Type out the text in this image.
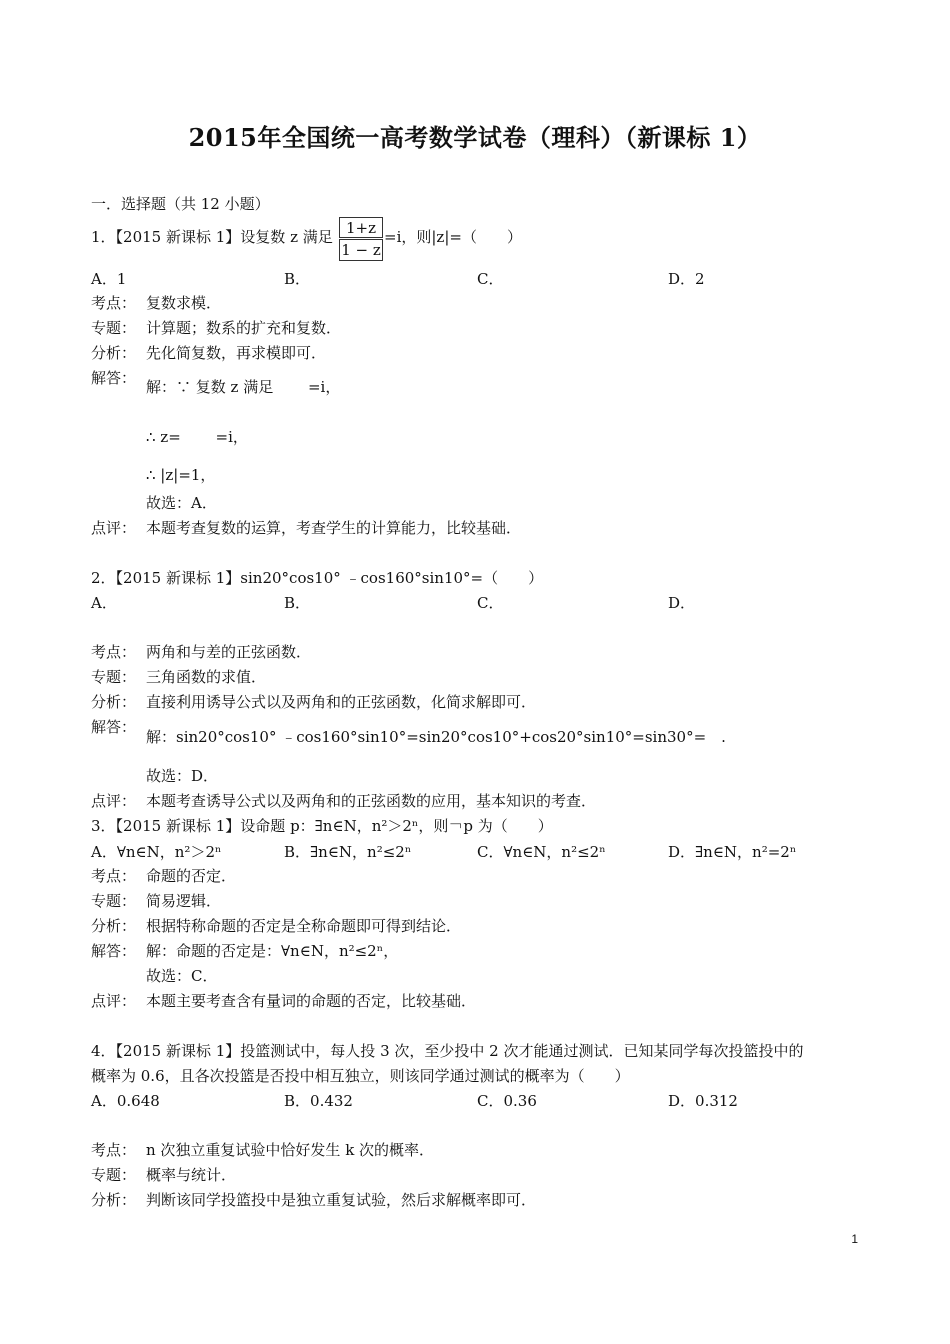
2015年全国统一高考数学试卷（理科）（新课标 1）
一．选择题（共 12 小题）
1．【2015 新课标 1】设复数 z 满足 $\frac{1+z}{1 - z} =i$，则|z|=（　　）
A．1	B．	C．	D．2
考点： 复数求模．
专题： 计算题；数系的扩充和复数．
分析： 先化简复数，再求模即可．
解答： 解：∵ 复数 z 满足　　 =i，
∴ z=　　 =i，
∴ |z|=1，
故选：A．
点评： 本题考查复数的运算，考查学生的计算能力，比较基础．
2．【2015 新课标 1】sin20°cos10° ﹣cos160°sin10°=（　　）
A．	B．	C．	D．
考点： 两角和与差的正弦函数．
专题： 三角函数的求值．
分析： 直接利用诱导公式以及两角和的正弦函数，化简求解即可．
解答：
解：sin20°cos10° ﹣cos160°sin10°=sin20°cos10°+cos20°sin10°=sin30°=　.
故选：D．
点评： 本题考查诱导公式以及两角和的正弦函数的应用，基本知识的考查．
3．【2015 新课标 1】设命题 p：∃n∈N，n²＞2ⁿ，则￢p 为（　　）
A．∀n∈N，n²＞2ⁿ	B．∃n∈N，n²≤2ⁿ	C．∀n∈N，n²≤2ⁿ	D．∃n∈N，n²=2ⁿ
考点： 命题的否定．
专题： 简易逻辑．
分析： 根据特称命题的否定是全称命题即可得到结论．
解答： 解：命题的否定是：∀n∈N，n²≤2ⁿ，
故选：C．
点评： 本题主要考查含有量词的命题的否定，比较基础．
4．【2015 新课标 1】投篮测试中，每人投 3 次，至少投中 2 次才能通过测试．已知某同学每次投篮投中的
概率为 0.6，且各次投篮是否投中相互独立，则该同学通过测试的概率为（　　）
A．0.648	B．0.432	C．0.36	D．0.312
考点： n 次独立重复试验中恰好发生 k 次的概率．
专题： 概率与统计．
分析： 判断该同学投篮投中是独立重复试验，然后求解概率即可．
1
